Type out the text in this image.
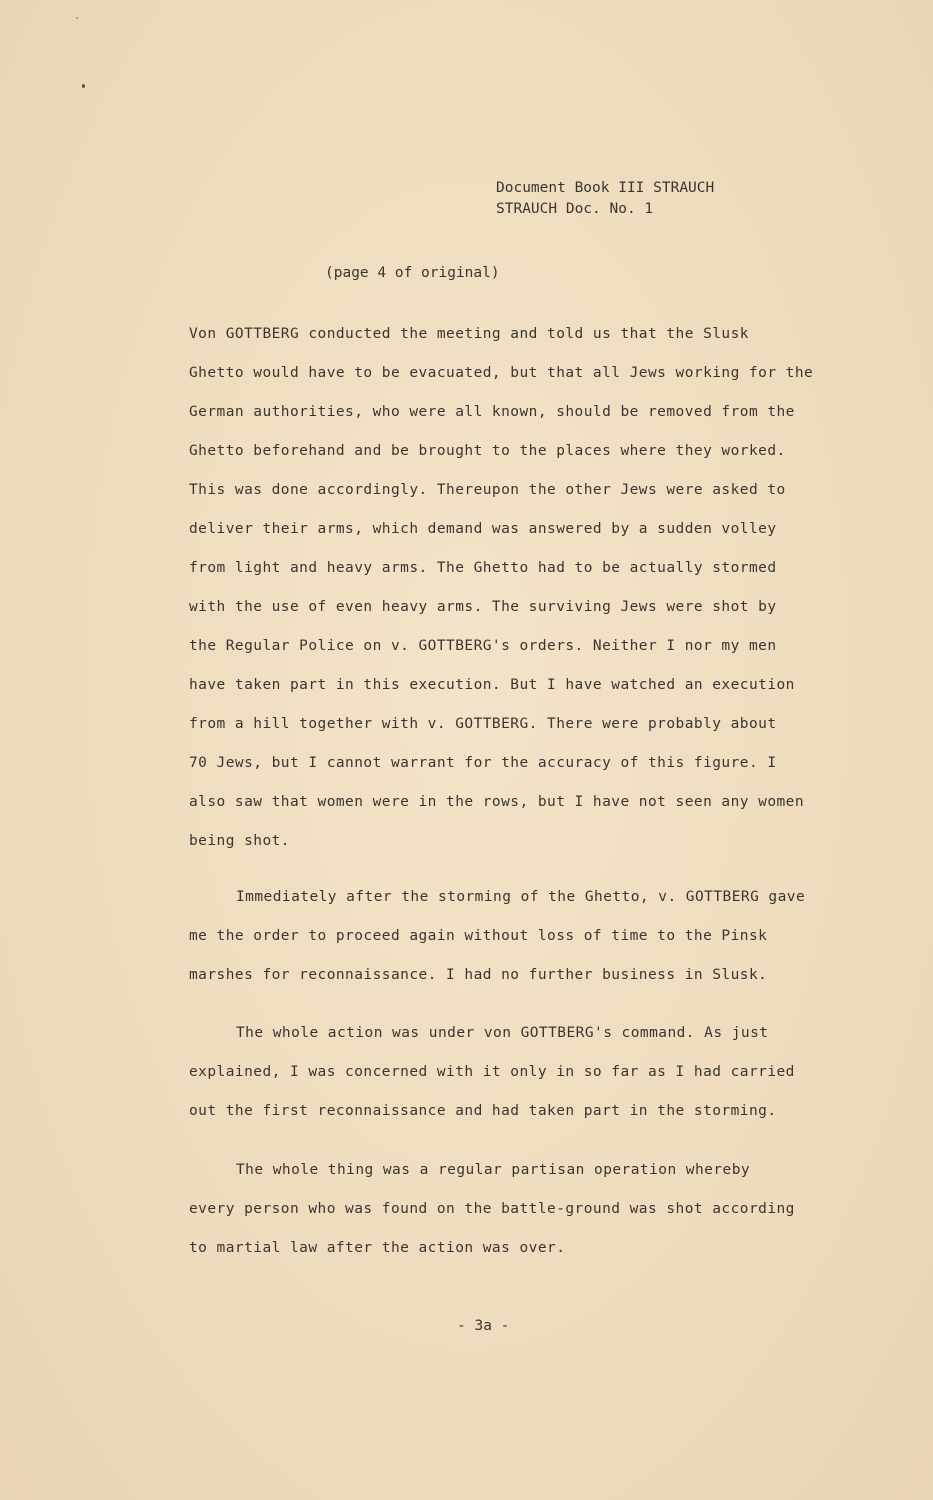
Document Book III STRAUCH
STRAUCH Doc. No. 1
(page 4 of original)
Von GOTTBERG conducted the meeting and told us that the Slusk
Ghetto would have to be evacuated, but that all Jews working for the
German authorities, who were all known, should be removed from the
Ghetto beforehand and be brought to the places where they worked.
This was done accordingly. Thereupon the other Jews were asked to
deliver their arms, which demand was answered by a sudden volley
from light and heavy arms. The Ghetto had to be actually stormed
with the use of even heavy arms. The surviving Jews were shot by
the Regular Police on v. GOTTBERG's orders. Neither I nor my men
have taken part in this execution. But I have watched an execution
from a hill together with v. GOTTBERG. There were probably about
70 Jews, but I cannot warrant for the accuracy of this figure. I
also saw that women were in the rows, but I have not seen any women
being shot.
Immediately after the storming of the Ghetto, v. GOTTBERG gave
me the order to proceed again without loss of time to the Pinsk
marshes for reconnaissance. I had no further business in Slusk.
The whole action was under von GOTTBERG's command. As just
explained, I was concerned with it only in so far as I had carried
out the first reconnaissance and had taken part in the storming.
The whole thing was a regular partisan operation whereby
every person who was found on the battle-ground was shot according
to martial law after the action was over.
- 3a -
